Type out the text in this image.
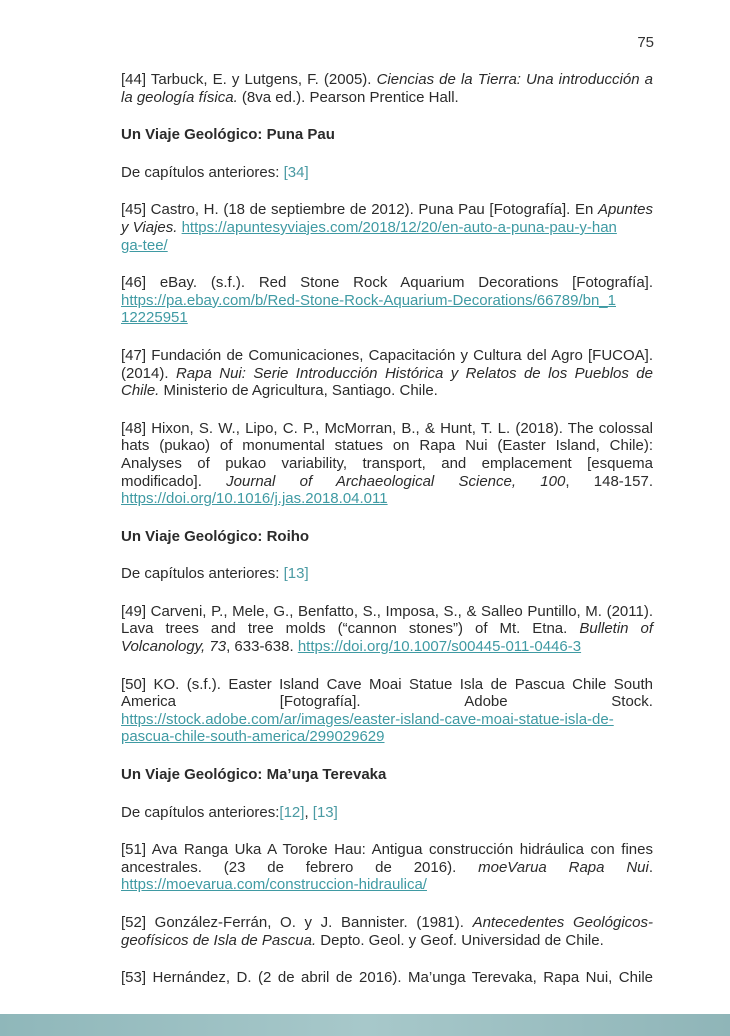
75

[44] Tarbuck, E. y Lutgens, F. (2005). Ciencias de la Tierra: Una introducción a la geología física. (8va ed.). Pearson Prentice Hall.

Un Viaje Geológico: Puna Pau

De capítulos anteriores: [34]

[45] Castro, H. (18 de septiembre de 2012). Puna Pau [Fotografía]. En Apuntes y Viajes. https://apuntesyviajes.com/2018/12/20/en-auto-a-puna-pau-y-han
ga-tee/

[46] eBay. (s.f.). Red Stone Rock Aquarium Decorations [Fotografía].
https://pa.ebay.com/b/Red-Stone-Rock-Aquarium-Decorations/66789/bn_1
12225951

[47] Fundación de Comunicaciones, Capacitación y Cultura del Agro [FUCOA]. (2014). Rapa Nui: Serie Introducción Histórica y Relatos de los Pueblos de Chile. Ministerio de Agricultura, Santiago. Chile.

[48] Hixon, S. W., Lipo, C. P., McMorran, B., & Hunt, T. L. (2018). The colossal hats (pukao) of monumental statues on Rapa Nui (Easter Island, Chile): Analyses of pukao variability, transport, and emplacement [esquema modificado]. Journal of Archaeological Science, 100, 148-157. https://doi.org/10.1016/j.jas.2018.04.011

Un Viaje Geológico: Roiho

De capítulos anteriores: [13]

[49] Carveni, P., Mele, G., Benfatto, S., Imposa, S., & Salleo Puntillo, M. (2011). Lava trees and tree molds (“cannon stones”) of Mt. Etna. Bulletin of Volcanology, 73, 633-638. https://doi.org/10.1007/s00445-011-0446-3

[50] KO. (s.f.). Easter Island Cave Moai Statue Isla de Pascua Chile South
America	[Fotografía].	Adobe	Stock.
https://stock.adobe.com/ar/images/easter-island-cave-moai-statue-isla-de-
pascua-chile-south-america/299029629

Un Viaje Geológico: Ma’uŋa Terevaka

De capítulos anteriores:[12], [13]

[51] Ava Ranga Uka A Toroke Hau: Antigua construcción hidráulica con fines ancestrales. (23 de febrero de 2016). moeVarua Rapa Nui. https://moevarua.com/construccion-hidraulica/

[52] González-Ferrán, O. y J. Bannister. (1981). Antecedentes Geológicos-geofísicos de Isla de Pascua. Depto. Geol. y Geof. Universidad de Chile.

[53] Hernández, D. (2 de abril de 2016). Ma’unga Terevaka, Rapa Nui, Chile
